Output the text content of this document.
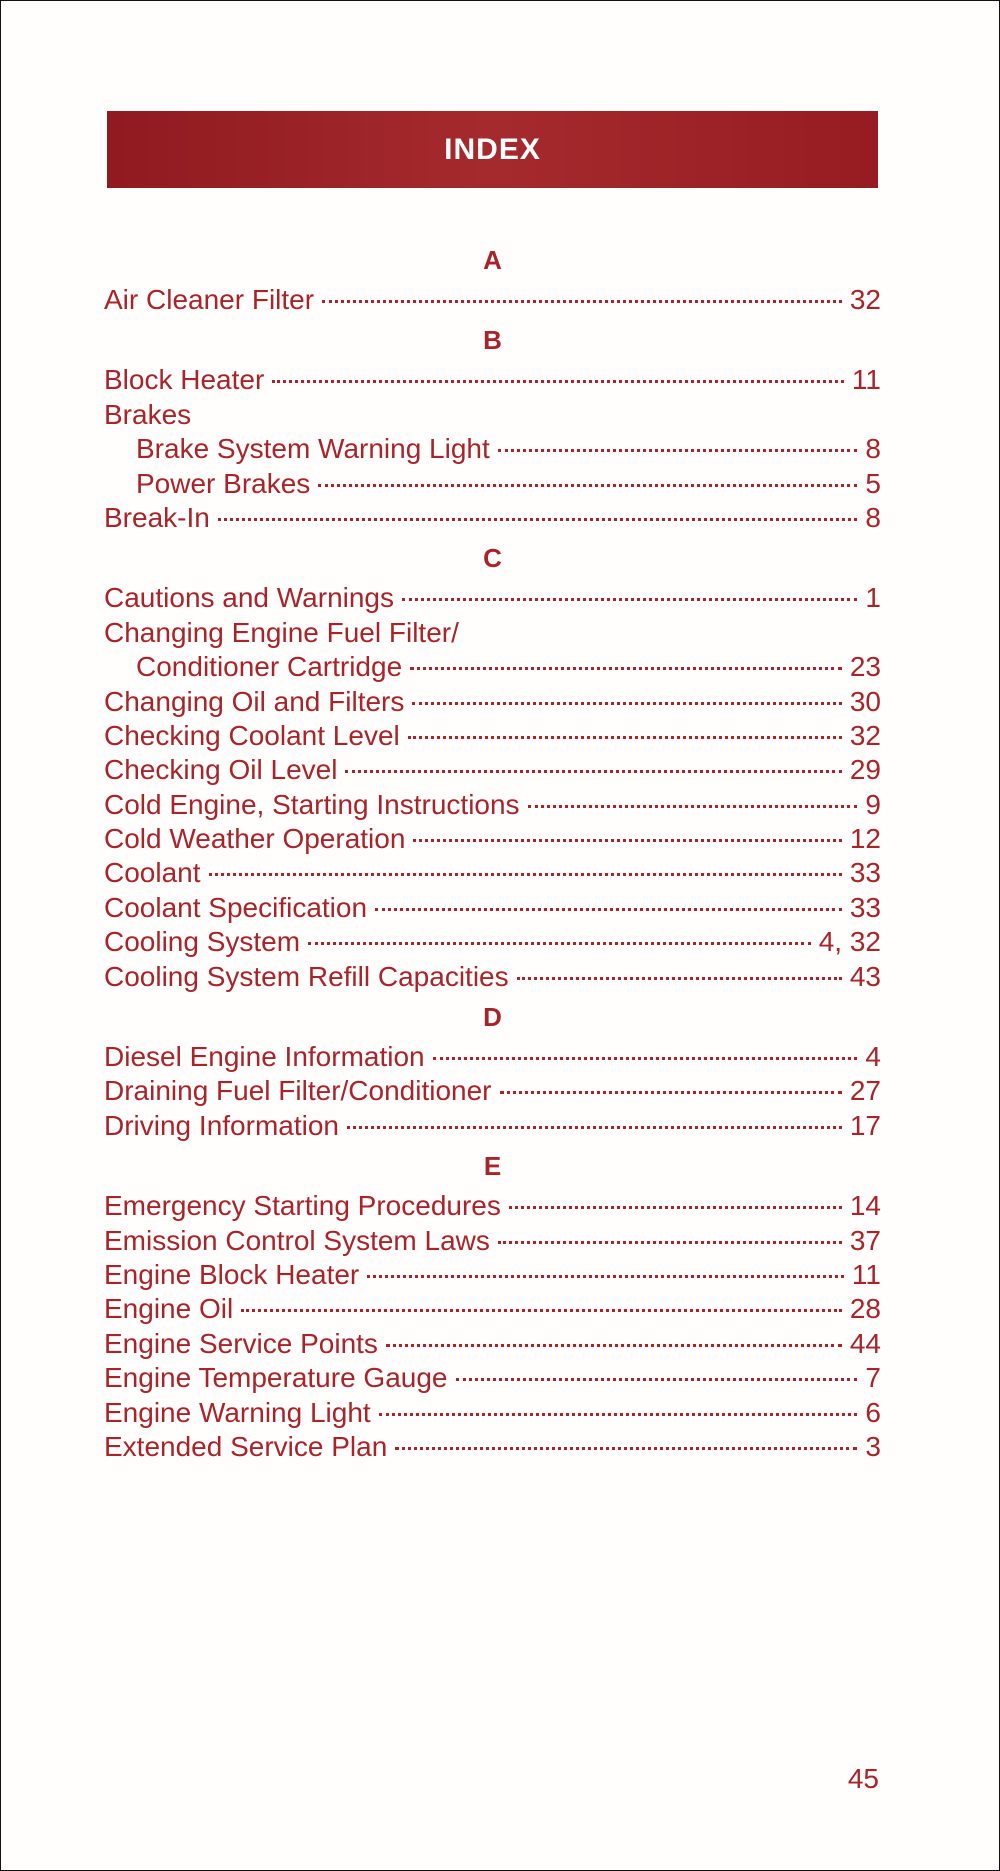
INDEX
A
Air Cleaner Filter	32
B
Block Heater	11
Brakes
Brake System Warning Light	8
Power Brakes	5
Break-In	8
C
Cautions and Warnings	1
Changing Engine Fuel Filter/
Conditioner Cartridge	23
Changing Oil and Filters	30
Checking Coolant Level	32
Checking Oil Level	29
Cold Engine, Starting Instructions	9
Cold Weather Operation	12
Coolant	33
Coolant Specification	33
Cooling System	4, 32
Cooling System Refill Capacities	43
D
Diesel Engine Information	4
Draining Fuel Filter/Conditioner	27
Driving Information	17
E
Emergency Starting Procedures	14
Emission Control System Laws	37
Engine Block Heater	11
Engine Oil	28
Engine Service Points	44
Engine Temperature Gauge	7
Engine Warning Light	6
Extended Service Plan	3
45
